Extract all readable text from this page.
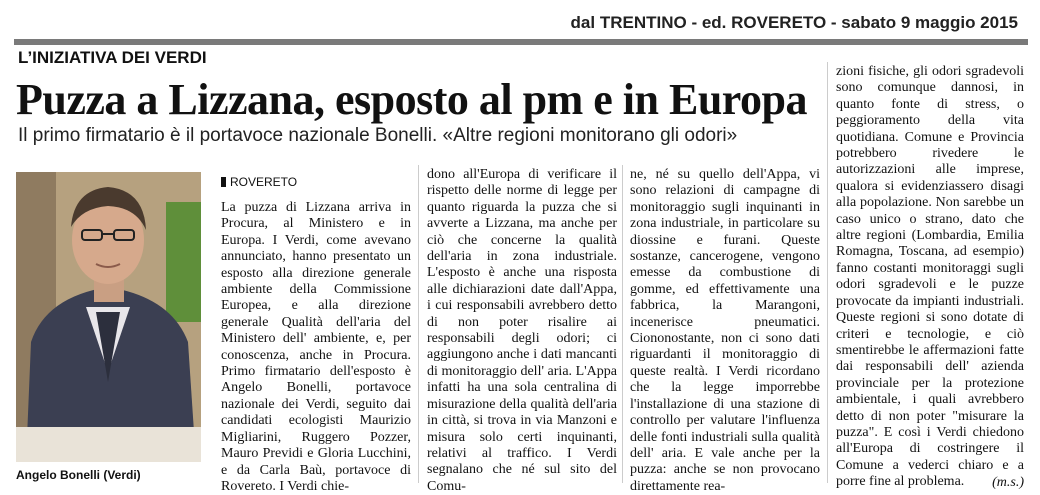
dal TRENTINO - ed. ROVERETO - sabato 9 maggio 2015
L’INIZIATIVA DEI VERDI
Puzza a Lizzana, esposto al pm e in Europa
Il primo firmatario è il portavoce nazionale Bonelli. «Altre regioni monitorano gli odori»
Angelo Bonelli (Verdi)
ROVERETO

La puzza di Lizzana arriva in Procura, al Ministero e in Europa. I Verdi, come avevano annunciato, hanno presentato un esposto alla direzione generale ambiente della Commissione Europea, e alla direzione generale Qualità dell'aria del Ministero dell' ambiente, e, per conoscenza, anche in Procura. Primo firmatario dell'esposto è Angelo Bonelli, portavoce nazionale dei Verdi, seguito dai candidati ecologisti Maurizio Migliarini, Ruggero Pozzer, Mauro Previdi e Gloria Lucchini, e da Carla Baù, portavoce di Rovereto. I Verdi chie-

dono all'Europa di verificare il rispetto delle norme di legge per quanto riguarda la puzza che si avverte a Lizzana, ma anche per ciò che concerne la qualità dell'aria in zona industriale. L'esposto è anche una risposta alle dichiarazioni date dall'Appa, i cui responsabili avrebbero detto di non poter risalire ai responsabili degli odori; ci aggiungono anche i dati mancanti di monitoraggio dell' aria. L'Appa infatti ha una sola centralina di misurazione della qualità dell'aria in città, si trova in via Manzoni e misura solo certi inquinanti, relativi al traffico. I Verdi segnalano che né sul sito del Comu-

ne, né su quello dell'Appa, vi sono relazioni di campagne di monitoraggio sugli inquinanti in zona industriale, in particolare su diossine e furani. Queste sostanze, cancerogene, vengono emesse da combustione di gomme, ed effettivamente una fabbrica, la Marangoni, incenerisce pneumatici. Ciononostante, non ci sono dati riguardanti il monitoraggio di queste realtà. I Verdi ricordano che la legge imporrebbe l'installazione di una stazione di controllo per valutare l'influenza delle fonti industriali sulla qualità dell' aria. E vale anche per la puzza: anche se non provocano direttamente rea-

zioni fisiche, gli odori sgradevoli sono comunque dannosi, in quanto fonte di stress, o peggioramento della vita quotidiana. Comune e Provincia potrebbero rivedere le autorizzazioni alle imprese, qualora si evidenziassero disagi alla popolazione. Non sarebbe un caso unico o strano, dato che altre regioni (Lombardia, Emilia Romagna, Toscana, ad esempio) fanno costanti monitoraggi sugli odori sgradevoli e le puzze provocate da impianti industriali. Queste regioni si sono dotate di criteri e tecnologie, e ciò smentirebbe le affermazioni fatte dai responsabili dell' azienda provinciale per la protezione ambientale, i quali avrebbero detto di non poter "misurare la puzza". E così i Verdi chiedono all'Europa di costringere il Comune a vederci chiaro e a porre fine al problema.	(m.s.)
